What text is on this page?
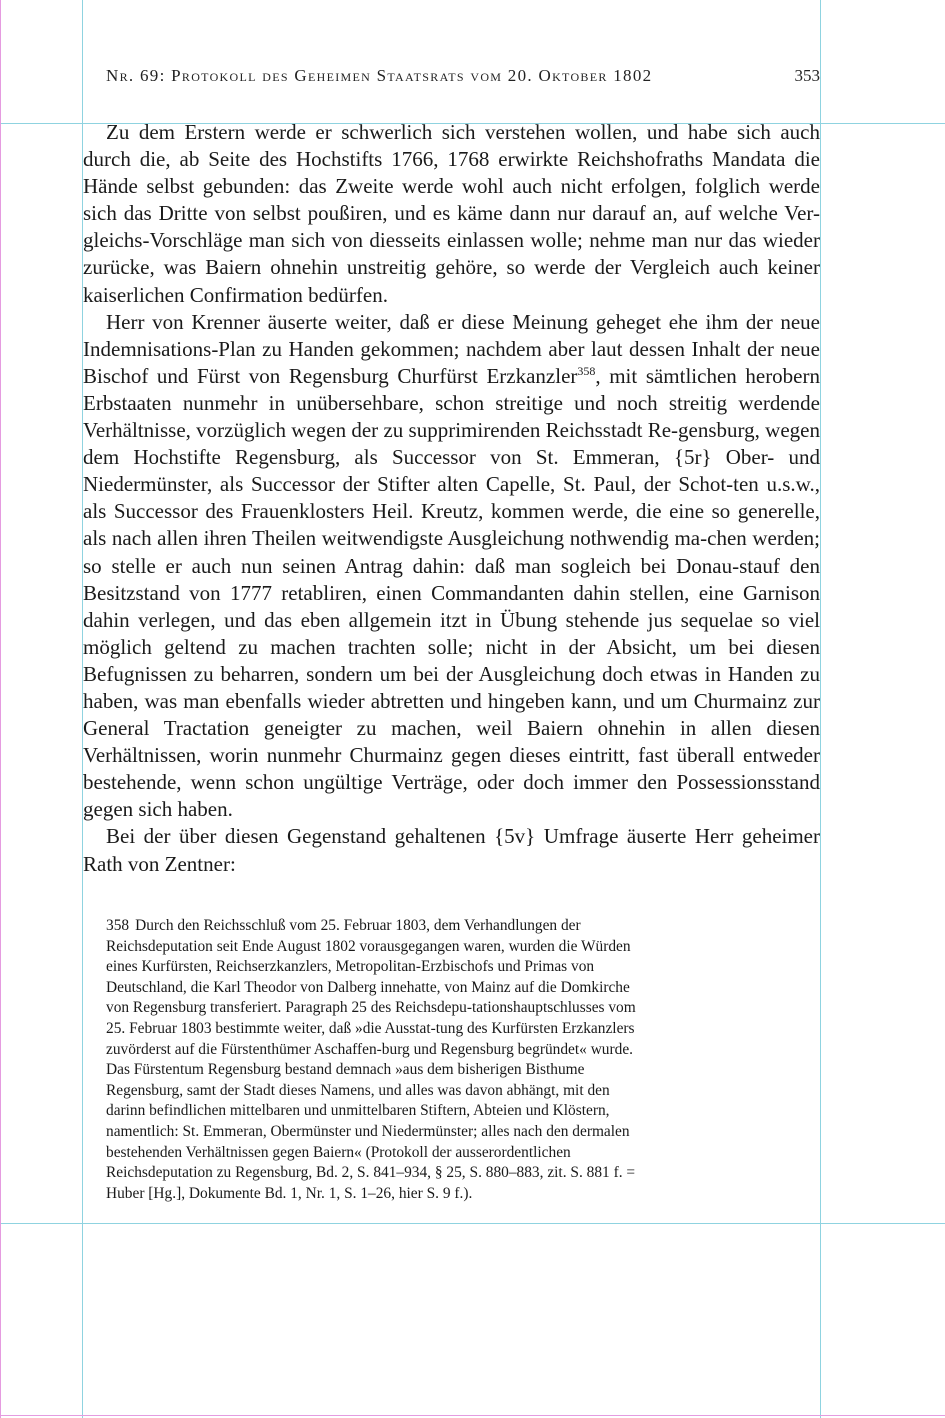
Nr. 69: Protokoll des Geheimen Staatsrats vom 20. Oktober 1802	353

Zu dem Erstern werde er schwerlich sich verstehen wollen, und habe sich auch durch die, ab Seite des Hochstifts 1766, 1768 erwirkte Reichshofraths Mandata die Hände selbst gebunden: das Zweite werde wohl auch nicht erfolgen, folglich werde sich das Dritte von selbst poußiren, und es käme dann nur darauf an, auf welche Ver-gleichs-Vorschläge man sich von diesseits einlassen wolle; nehme man nur das wieder zurücke, was Baiern ohnehin unstreitig gehöre, so werde der Vergleich auch keiner kaiserlichen Confirmation bedürfen.

Herr von Krenner äuserte weiter, daß er diese Meinung geheget ehe ihm der neue Indemnisations-Plan zu Handen gekommen; nachdem aber laut dessen Inhalt der neue Bischof und Fürst von Regensburg Churfürst Erzkanzler$^{358}$, mit sämtlichen herobern Erbstaaten nunmehr in unübersehbare, schon streitige und noch streitig werdende Verhältnisse, vorzüglich wegen der zu supprimirenden Reichsstadt Re-gensburg, wegen dem Hochstifte Regensburg, als Successor von St. Emmeran, {5r} Ober- und Niedermünster, als Successor der Stifter alten Capelle, St. Paul, der Schot-ten u.s.w., als Successor des Frauenklosters Heil. Kreutz, kommen werde, die eine so generelle, als nach allen ihren Theilen weitwendigste Ausgleichung nothwendig ma-chen werden; so stelle er auch nun seinen Antrag dahin: daß man sogleich bei Donau-stauf den Besitzstand von 1777 retabliren, einen Commandanten dahin stellen, eine Garnison dahin verlegen, und das eben allgemein itzt in Übung stehende jus sequelae so viel möglich geltend zu machen trachten solle; nicht in der Absicht, um bei diesen Befugnissen zu beharren, sondern um bei der Ausgleichung doch etwas in Handen zu haben, was man ebenfalls wieder abtretten und hingeben kann, und um Churmainz zur General Tractation geneigter zu machen, weil Baiern ohnehin in allen diesen Verhältnissen, worin nunmehr Churmainz gegen dieses eintritt, fast überall entweder bestehende, wenn schon ungültige Verträge, oder doch immer den Possessionsstand gegen sich haben.

Bei der über diesen Gegenstand gehaltenen {5v} Umfrage äuserte Herr geheimer Rath von Zentner:

358 Durch den Reichsschluß vom 25. Februar 1803, dem Verhandlungen der Reichsdeputation seit Ende August 1802 vorausgegangen waren, wurden die Würden eines Kurfürsten, Reichserzkanzlers, Metropolitan-Erzbischofs und Primas von Deutschland, die Karl Theodor von Dalberg innehatte, von Mainz auf die Domkirche von Regensburg transferiert. Paragraph 25 des Reichsdepu-tationshauptschlusses vom 25. Februar 1803 bestimmte weiter, daß »die Ausstat-tung des Kurfürsten Erzkanzlers zuvörderst auf die Fürstenthümer Aschaffen-burg und Regensburg begründet« wurde. Das Fürstentum Regensburg bestand demnach »aus dem bisherigen Bisthume Regensburg, samt der Stadt dieses Namens, und alles was davon abhängt, mit den darinn befindlichen mittelbaren und unmittelbaren Stiftern, Abteien und Klöstern, namentlich: St. Emmeran, Obermünster und Niedermünster; alles nach den dermalen bestehenden Verhältnissen gegen Baiern« (Protokoll der ausserordentlichen Reichsdeputation zu Regensburg, Bd. 2, S. 841–934, § 25, S. 880–883, zit. S. 881 f. = Huber [Hg.], Dokumente Bd. 1, Nr. 1, S. 1–26, hier S. 9 f.).
